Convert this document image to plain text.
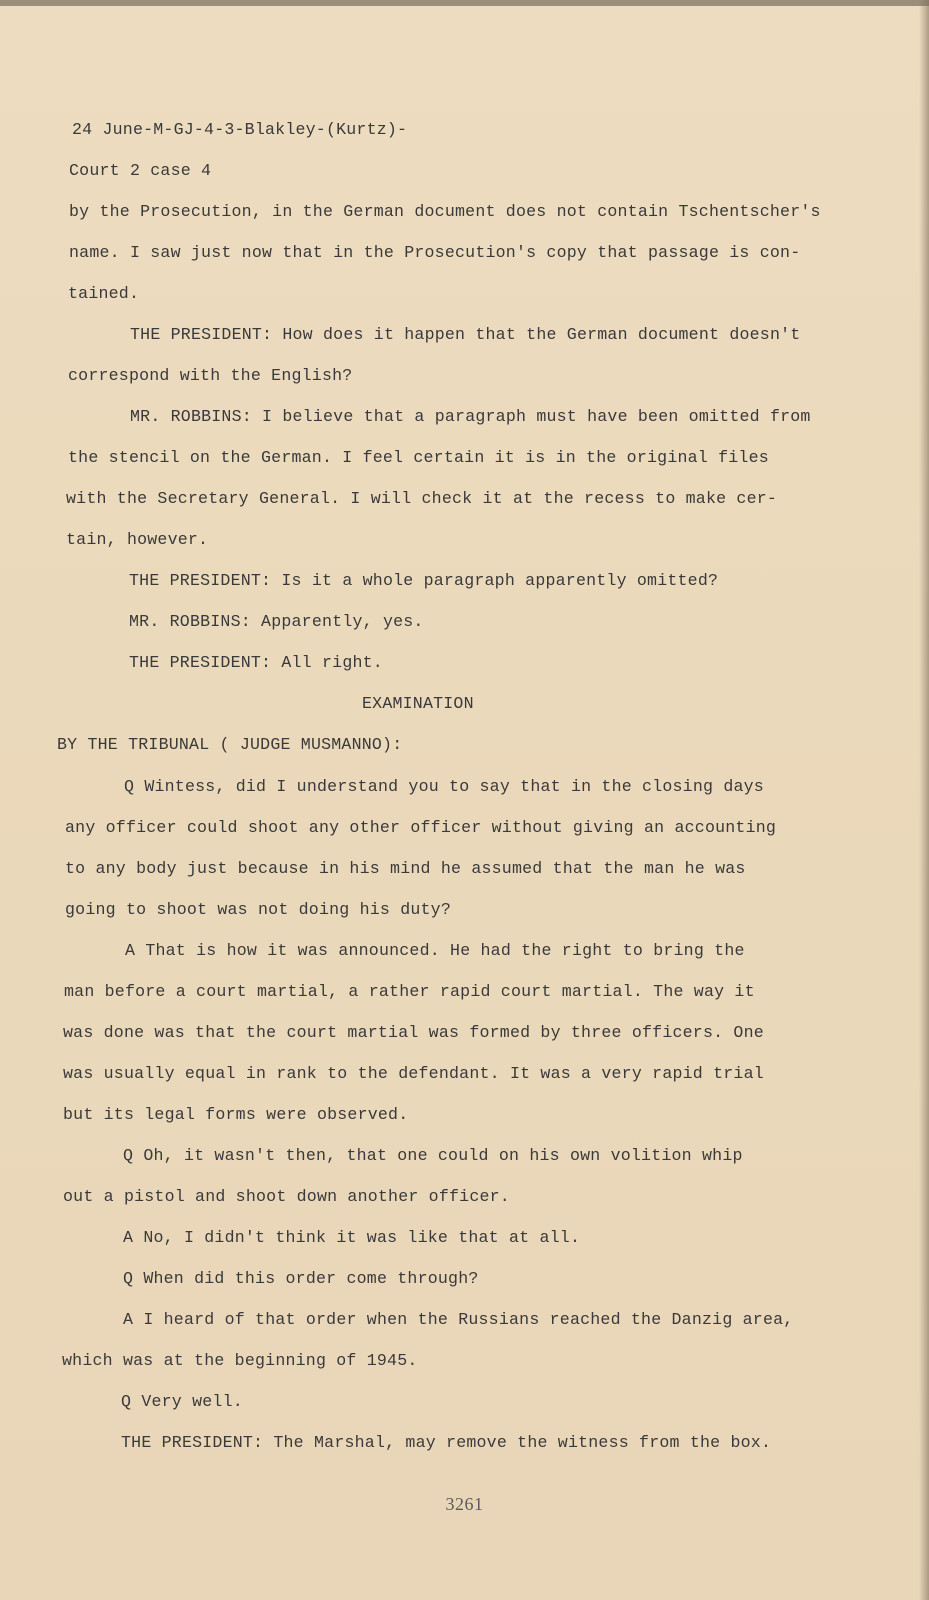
24 June-M-GJ-4-3-Blakley-(Kurtz)-

Court 2 case 4

by the Prosecution, in the German document does not contain Tschentscher's

name. I saw just now that in the Prosecution's copy that passage is con-

tained.

THE PRESIDENT: How does it happen that the German document doesn't

correspond with the English?

MR. ROBBINS: I believe that a paragraph must have been omitted from

the stencil on the German. I feel certain it is in the original files

with the Secretary General. I will check it at the recess to make cer-

tain, however.

THE PRESIDENT: Is it a whole paragraph apparently omitted?

MR. ROBBINS: Apparently, yes.

THE PRESIDENT: All right.

EXAMINATION

BY THE TRIBUNAL ( JUDGE MUSMANNO):

Q Wintess, did I understand you to say that in the closing days

any officer could shoot any other officer without giving an accounting

to any body just because in his mind he assumed that the man he was

going to shoot was not doing his duty?

A That is how it was announced. He had the right to bring the

man before a court martial, a rather rapid court martial. The way it

was done was that the court martial was formed by three officers. One

was usually equal in rank to the defendant. It was a very rapid trial

but its legal forms were observed.

Q Oh, it wasn't then, that one could on his own volition whip

out a pistol and shoot down another officer.

A No, I didn't think it was like that at all.

Q When did this order come through?

A I heard of that order when the Russians reached the Danzig area,

which was at the beginning of 1945.

Q Very well.

THE PRESIDENT: The Marshal, may remove the witness from the box.

3261
